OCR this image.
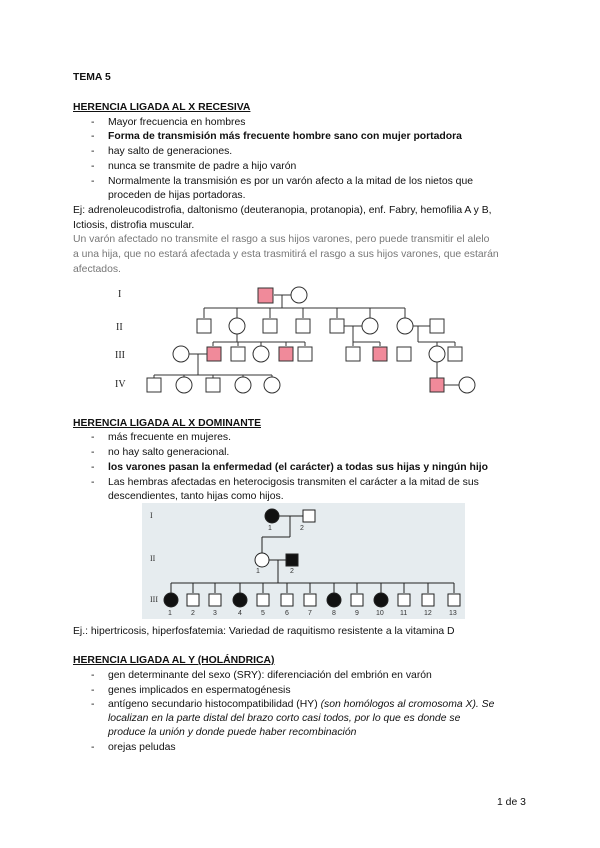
TEMA 5
HERENCIA LIGADA AL X RECESIVA
- Mayor frecuencia en hombres
- Forma de transmisión más frecuente hombre sano con mujer portadora
- hay salto de generaciones.
- nunca se transmite de padre a hijo varón
- Normalmente la transmisión es por un varón afecto a la mitad de los nietos que
proceden de hijas portadoras.
Ej: adrenoleucodistrofia, daltonismo (deuteranopia, protanopia), enf. Fabry, hemofilia A y B,
Ictiosis, distrofia muscular.
Un varón afectado no transmite el rasgo a sus hijos varones, pero puede transmitir el alelo
a una hija, que no estará afectada y esta trasmitirá el rasgo a sus hijos varones, que estarán
afectados.
I
II
III
IV
HERENCIA LIGADA AL X DOMINANTE
- más frecuente en mujeres.
- no hay salto generacional.
- los varones pasan la enfermedad (el carácter) a todas sus hijas y ningún hijo
- Las hembras afectadas en heterocigosis transmiten el carácter a la mitad de sus
descendientes, tanto hijas como hijos.
I
II
III
1	2
1	2
1	2	3	4	5	6	7	8	9 10 11 12 13
Ej.: hipertricosis, hiperfosfatemia: Variedad de raquitismo resistente a la vitamina D
HERENCIA LIGADA AL Y (HOLÁNDRICA)
- gen determinante del sexo (SRY): diferenciación del embrión en varón
- genes implicados en espermatogénesis
- antígeno secundario histocompatibilidad (HY) (son homólogos al cromosoma X). Se
localizan en la parte distal del brazo corto casi todos, por lo que es donde se
produce la unión y donde puede haber recombinación
- orejas peludas
1 de 3
